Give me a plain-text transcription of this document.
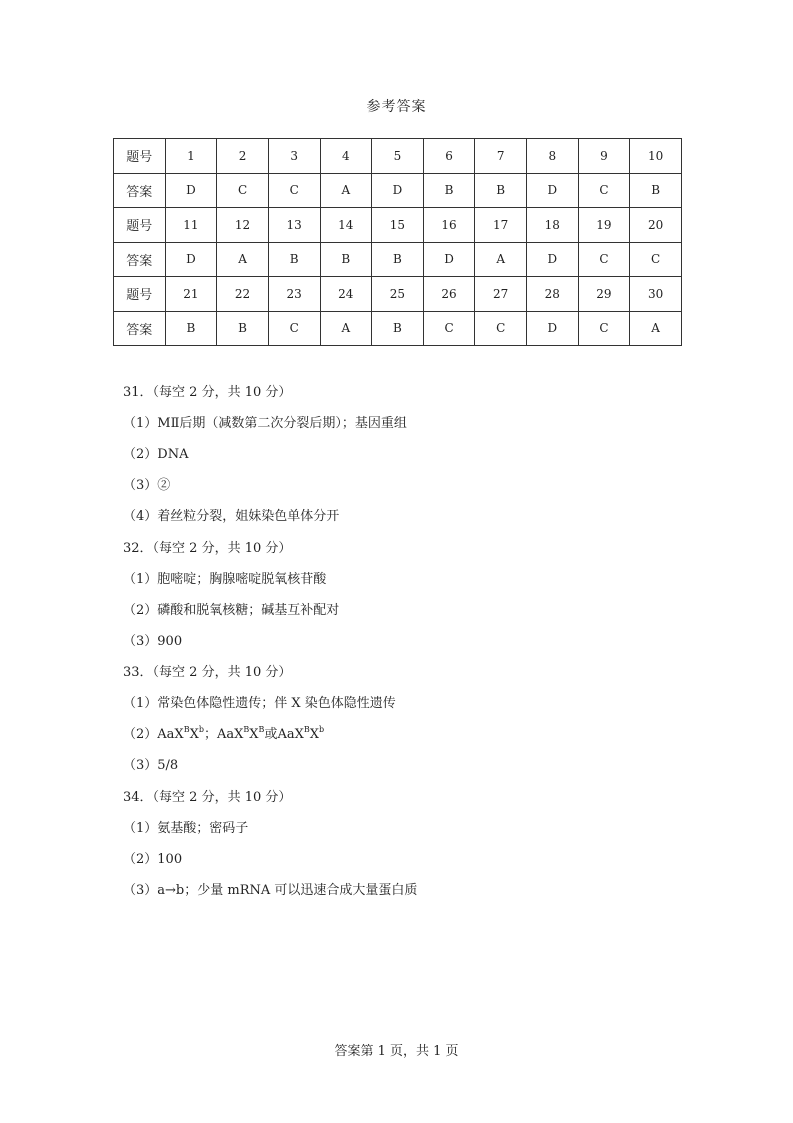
参考答案
题号	1	2	3	4	5	6	7	8	9	10
答案	D	C	C	A	D	B	B	D	C	B
题号	11	12	13	14	15	16	17	18	19	20
答案	D	A	B	B	B	D	A	D	C	C
题号	21	22	23	24	25	26	27	28	29	30
答案	B	B	C	A	B	C	C	D	C	A
31．（每空 2 分，共 10 分）
（1）MⅡ后期（减数第二次分裂后期）；基因重组
（2）DNA
（3）②
（4）着丝粒分裂，姐妹染色单体分开
32．（每空 2 分，共 10 分）
（1）胞嘧啶；胸腺嘧啶脱氧核苷酸
（2）磷酸和脱氧核糖；碱基互补配对
（3）900
33．（每空 2 分，共 10 分）
（1）常染色体隐性遗传；伴 X 染色体隐性遗传
$(2)AaX^BX^b$；$AaX^BX^B$或$AaX^BX^b$
（3）5/8
34．（每空 2 分，共 10 分）
（1）氨基酸；密码子
（2）100
（3）a→b；少量 mRNA 可以迅速合成大量蛋白质
答案第 1 页，共 1 页
